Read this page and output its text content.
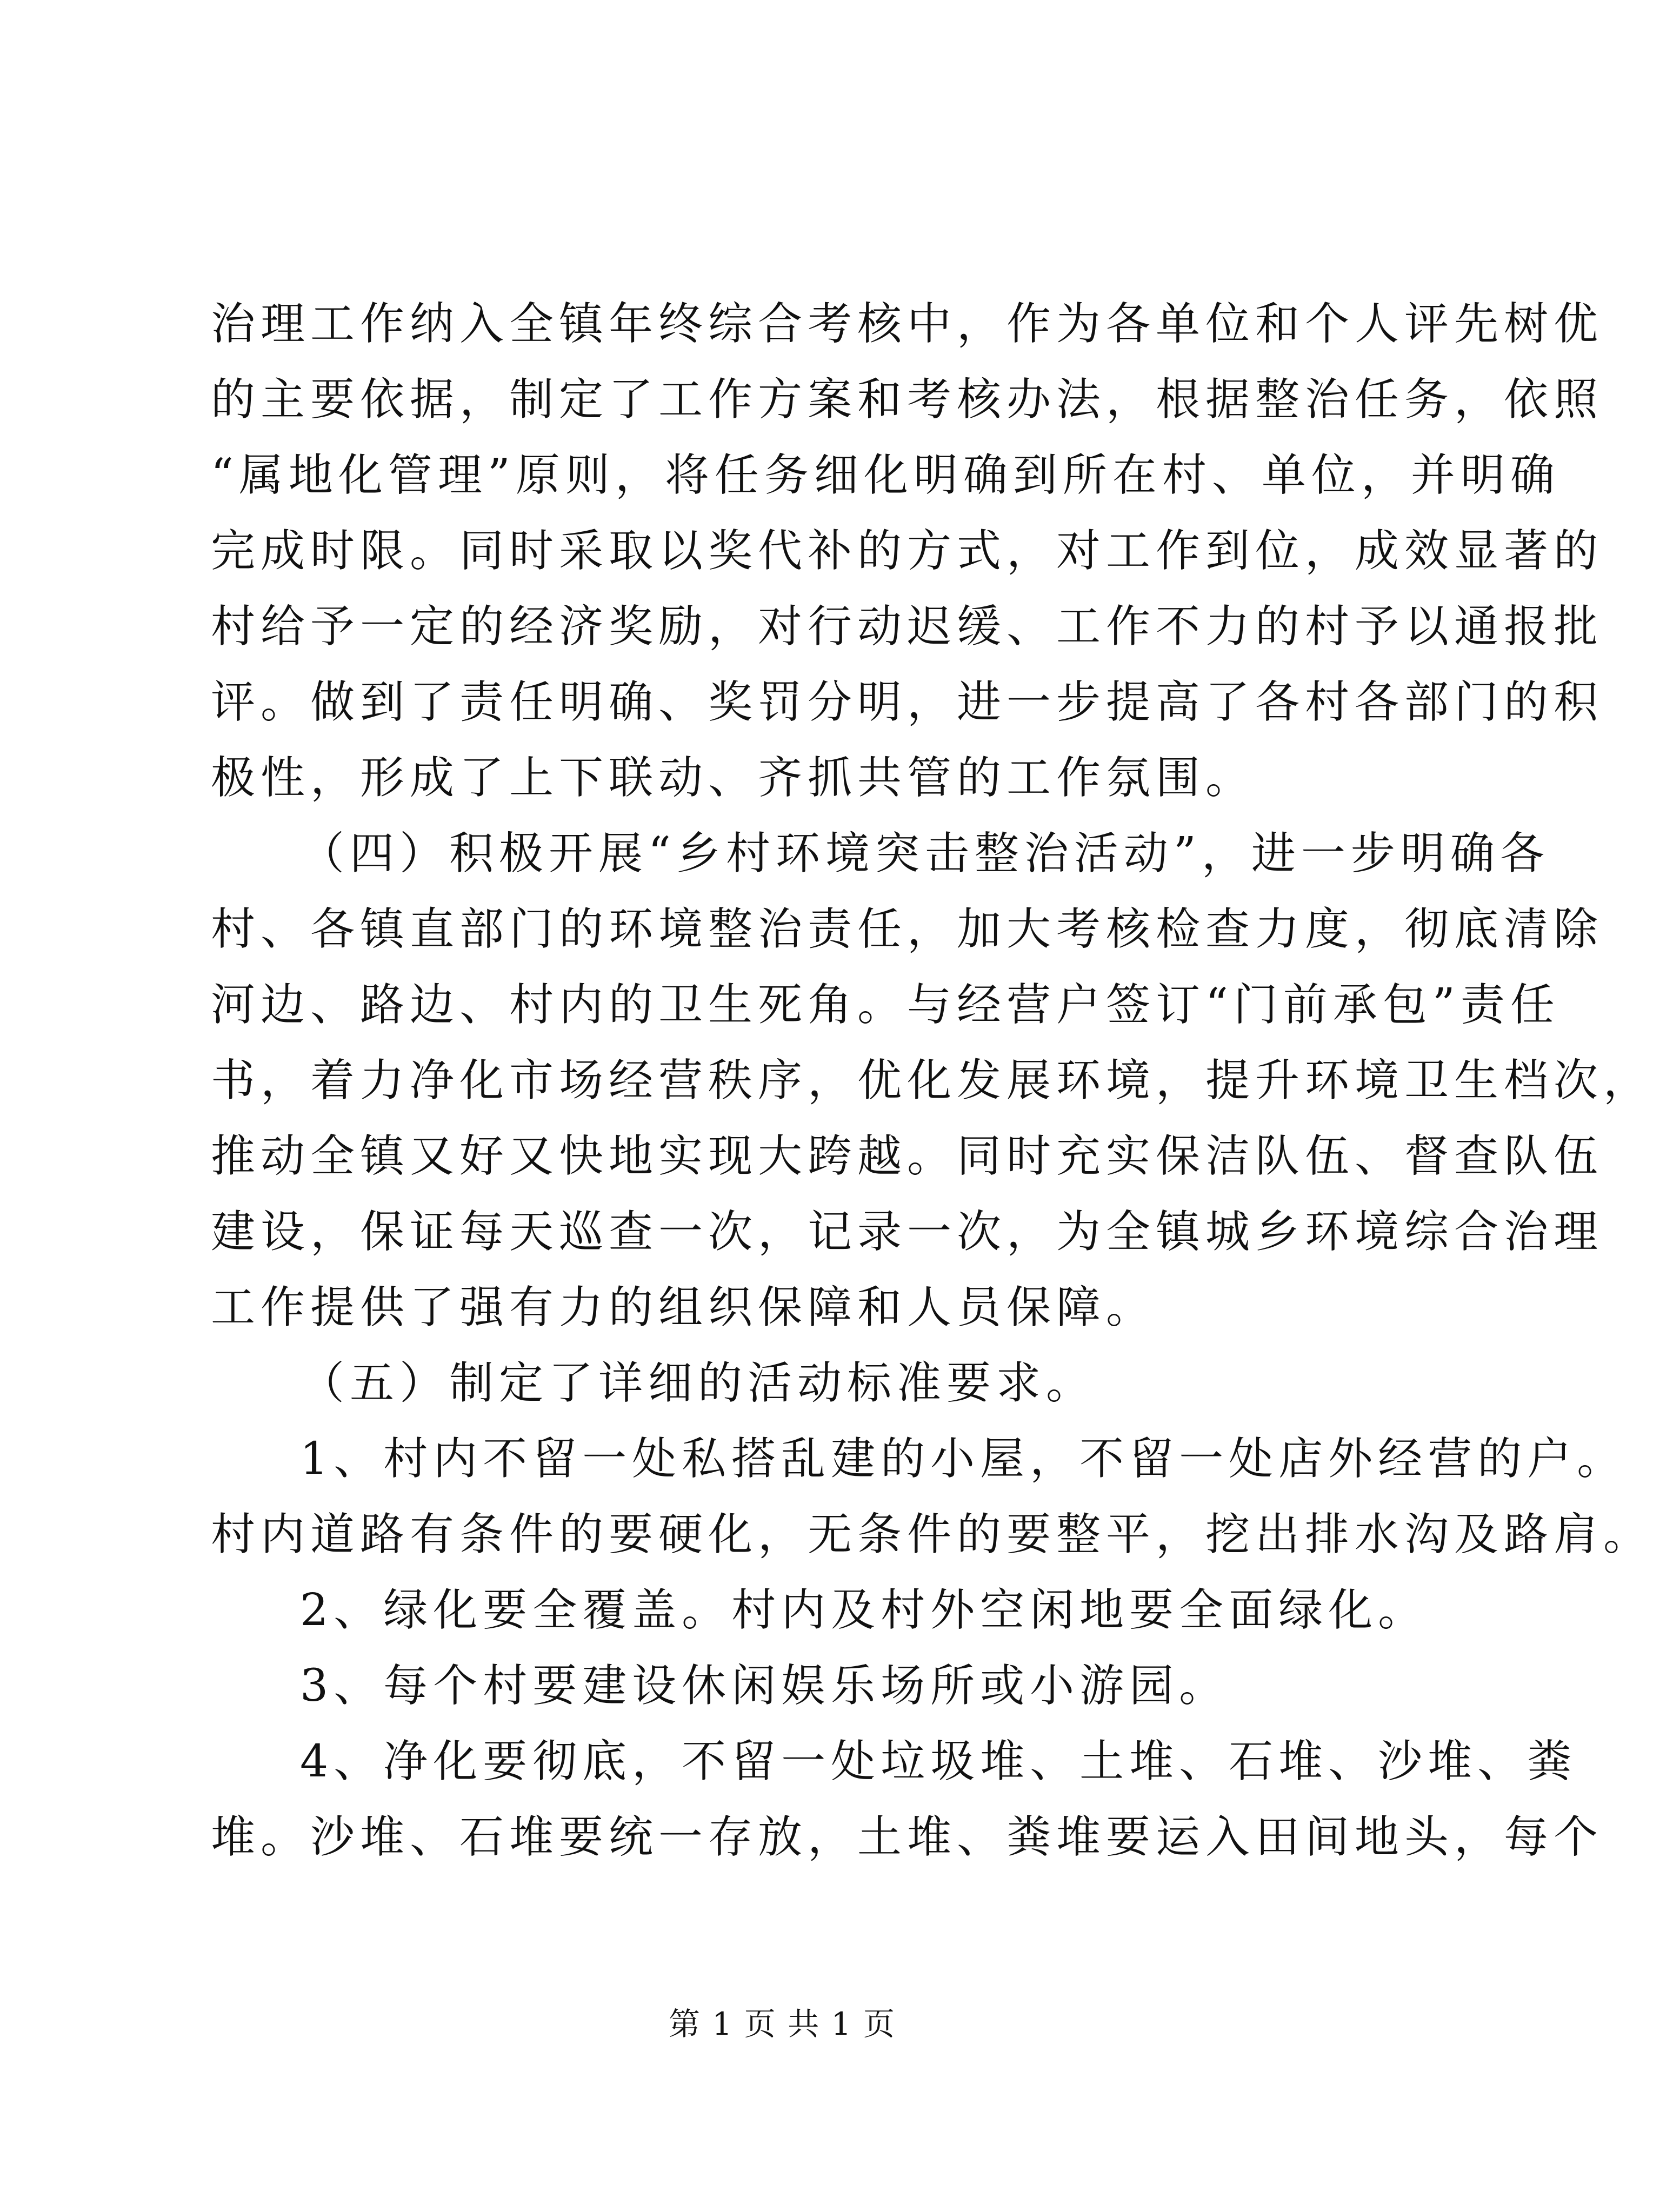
治理工作纳入全镇年终综合考核中，作为各单位和个人评先树优
的主要依据，制定了工作方案和考核办法，根据整治任务，依照
“属地化管理”原则，将任务细化明确到所在村、单位，并明确
完成时限。同时采取以奖代补的方式，对工作到位，成效显著的
村给予一定的经济奖励，对行动迟缓、工作不力的村予以通报批
评。做到了责任明确、奖罚分明，进一步提高了各村各部门的积
极性，形成了上下联动、齐抓共管的工作氛围。
（四）积极开展“乡村环境突击整治活动”，进一步明确各
村、各镇直部门的环境整治责任，加大考核检查力度，彻底清除
河边、路边、村内的卫生死角。与经营户签订“门前承包”责任
书，着力净化市场经营秩序，优化发展环境，提升环境卫生档次，
推动全镇又好又快地实现大跨越。同时充实保洁队伍、督查队伍
建设，保证每天巡查一次，记录一次，为全镇城乡环境综合治理
工作提供了强有力的组织保障和人员保障。
（五）制定了详细的活动标准要求。
1、村内不留一处私搭乱建的小屋，不留一处店外经营的户。
村内道路有条件的要硬化，无条件的要整平，挖出排水沟及路肩。
2、绿化要全覆盖。村内及村外空闲地要全面绿化。
3、每个村要建设休闲娱乐场所或小游园。
4、净化要彻底，不留一处垃圾堆、土堆、石堆、沙堆、粪
堆。沙堆、石堆要统一存放，土堆、粪堆要运入田间地头，每个
第 1 页 共 1 页
